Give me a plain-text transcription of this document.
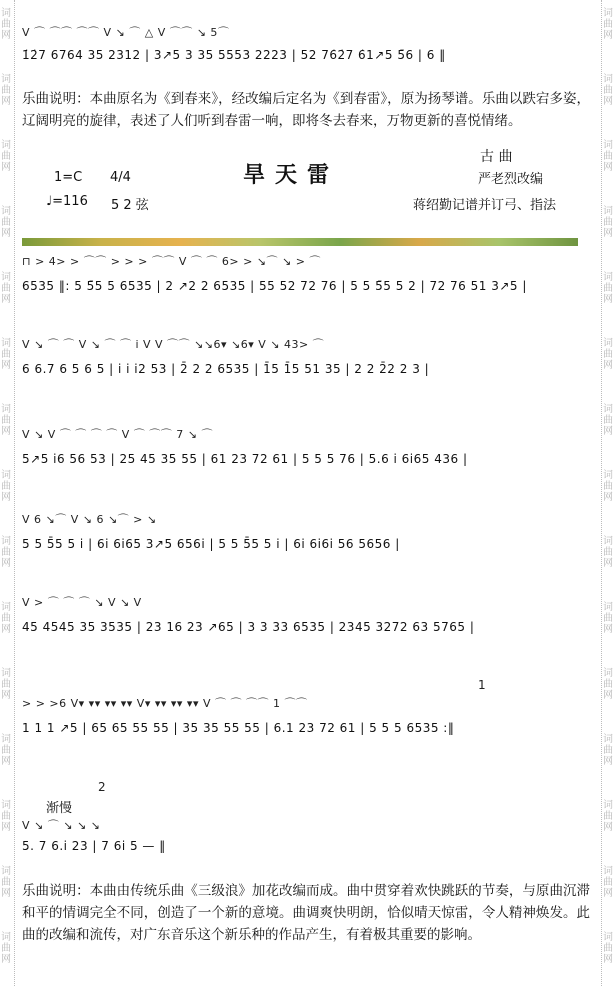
词
曲
网
词
曲
网
词
曲
网
词
曲
网
词
曲
网
词
曲
网
词
曲
网
词
曲
网
词
曲
网
词
曲
网
词
曲
网
词
曲
网
词
曲
网
词
曲
网
词
曲
网
词
曲
网
词
曲
网
词
曲
网
词
曲
网
词
曲
网
词
曲
网
词
曲
网
词
曲
网
词
曲
网
词
曲
网
词
曲
网
词
曲
网
词
曲
网
词
曲
网
词
曲
网
V ⌒ ⌒⌒ ⌒⌒ V ↘ ⌒ △ V ⌒⌒ ↘ 5⌒
1̇2̇7 6764 35 2312 | 3↗5 3 35 5553 2223 | 52 76̇2̇7 6̇1↗5 5̄6 | 6 ‖
乐曲说明：本曲原名为《到春来》，经改编后定名为《到春雷》，原为扬琴谱。乐曲以跌宕多姿，辽阔明亮的旋律，表述了人们听到春雷一响，即将冬去春来，万物更新的喜悦情绪。
旱天雷
1=C 4/4
♩=116 5 2 弦
古 曲
严老烈改编
蒋绍勤记谱并订弓、指法
⊓ > 4> > ⌒⌒ > > > ⌒⌒ V ⌒ ⌒ 6> > ↘⌒ ↘ > ⌒
6535 ‖: 5 5̄5 5 6535 | 2 ↗2 2 6535 | 55 52 72 76 | 5 5 5̄5 5 2 | 72 76 51 3↗5 |
V ↘ ⌒ ⌒ V ↘ ⌒ ⌒ i V V ⌒⌒ ↘↘6▾ ↘6▾ V ↘ 43> ⌒
6 6.7 6 5 6 5 | i i i2 53 | 2̄ 2 2 6535 | 1̄5 1̄5 51 35 | 2 2 2̄2 2 3 |
V ↘ V ⌒ ⌒ ⌒ ⌒ V ⌒ ⌒⌒ 7 ↘ ⌒
5↗5 i6 56 53 | 25 45 35 55 | 61 23 72 61 | 5 5 5 76 | 5.6 i 6i65 436 |
V 6 ↘⌒ V ↘ 6 ↘⌒ > ↘
5 5 5̄5 5 i | 6i 6i65 3↗5 656i | 5 5 5̄5 5 i | 6i 6i6i 56 5656 |
V > ⌒ ⌒ ⌒ ↘ V ↘ V
45 4545 35 3535 | 23 16 23 ↗65 | 3 3 33 6535 | 2345 3272 63 5765 |
> > >6 V▾ ▾▾ ▾▾ ▾▾ V▾ ▾▾ ▾▾ ▾▾ V ⌒ ⌒ ⌒⌒ 1 ⌒⌒
1 1 1 ↗5 | 65 65 55 55 | 35 35 55 55 | 6.1 23 72 61 | 5 5 5 6535 :‖
1
2
渐慢
V ↘ ⌒ ↘ ↘ ↘
5. 7 6.i 23 | 7 6i 5 — ‖
乐曲说明：本曲由传统乐曲《三级浪》加花改编而成。曲中贯穿着欢快跳跃的节奏，与原曲沉滞和平的情调完全不同，创造了一个新的意境。曲调爽快明朗，恰似晴天惊雷，令人精神焕发。此曲的改编和流传，对广东音乐这个新乐种的作品产生，有着极其重要的影响。
